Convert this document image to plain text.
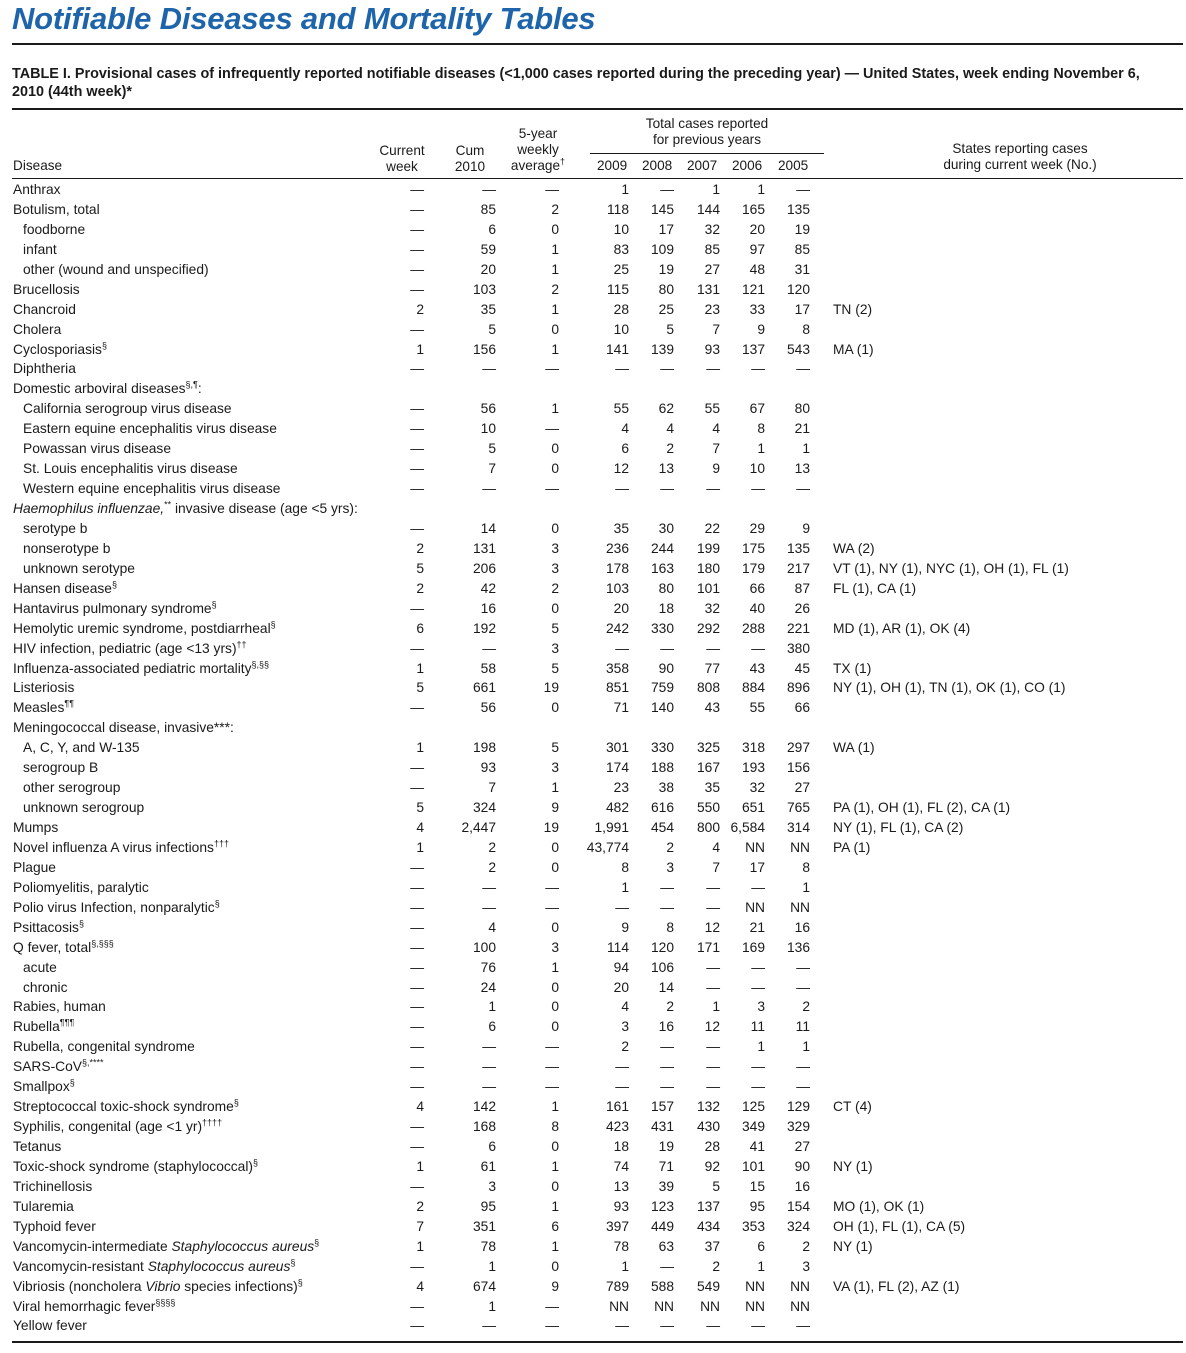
Notifiable Diseases and Mortality Tables

TABLE I. Provisional cases of infrequently reported notifiable diseases (<1,000 cases reported during the preceding year) — United States, week ending November 6, 2010 (44th week)*

Disease
Current
week
Cum
2010
5-year
weekly
average†
Total cases reported
for previous years
2009 2008 2007 2006 2005
States reporting cases
during current week (No.)
Anthrax	—	—	—	1 —	1	1 —
Botulism, total	—	85	2	118 145 144 165 135
foodborne	—	6	0	10 17 32 20 19
infant	—	59	1	83 109 85 97 85
other (wound and unspecified)	—	20	1	25 19 27 48 31
Brucellosis	—	103	2	115 80 131 121 120
Chancroid	2	35	1	28 25 23 33 17 TN (2)
Cholera	—	5	0	10	5	7	9	8
Cyclosporiasis§	1	156	1	141 139 93 137 543 MA (1)
Diphtheria	—	—	—	— — — — —
Domestic arboviral diseases§,¶:
California serogroup virus disease	—	56	1	55 62 55 67 80
Eastern equine encephalitis virus disease	—	10	—	4	4	4	8 21
Powassan virus disease	—	5	0	6	2	7	1	1
St. Louis encephalitis virus disease	—	7	0	12 13	9 10 13
Western equine encephalitis virus disease	—	—	—	— — — — —
Haemophilus influenzae,** invasive disease (age <5 yrs):
serotype b	—	14	0	35 30 22 29	9
nonserotype b	2	131	3	236 244 199 175 135 WA (2)
unknown serotype	5	206	3	178 163 180 179 217 VT (1), NY (1), NYC (1), OH (1), FL (1)
Hansen disease§	2	42	2	103 80 101 66 87 FL (1), CA (1)
Hantavirus pulmonary syndrome§	—	16	0	20 18 32 40 26
Hemolytic uremic syndrome, postdiarrheal§	6	192	5	242 330 292 288 221 MD (1), AR (1), OK (4)
HIV infection, pediatric (age <13 yrs)††	—	—	3	— — — — 380
Influenza-associated pediatric mortality§,§§	1	58	5	358 90 77 43 45 TX (1)
Listeriosis	5	661	19	851 759 808 884 896 NY (1), OH (1), TN (1), OK (1), CO (1)
Measles¶¶	—	56	0	71 140 43 55 66
Meningococcal disease, invasive***:
A, C, Y, and W-135	1	198	5	301 330 325 318 297 WA (1)
serogroup B	—	93	3	174 188 167 193 156
other serogroup	—	7	1	23 38 35 32 27
unknown serogroup	5	324	9	482 616 550 651 765 PA (1), OH (1), FL (2), CA (1)
Mumps	4	2,447	19	1,991 454 800 6,584 314 NY (1), FL (1), CA (2)
Novel influenza A virus infections†††	1	2	0 43,774	2	4 NN NN PA (1)
Plague	—	2	0	8	3	7 17	8
Poliomyelitis, paralytic	—	—	—	1 — — —	1
Polio virus Infection, nonparalytic§	—	—	—	— — — NN NN
Psittacosis§	—	4	0	9	8 12 21 16
Q fever, total§,§§§	—	100	3	114 120 171 169 136
acute	—	76	1	94 106 — — —
chronic	—	24	0	20 14 — — —
Rabies, human	—	1	0	4	2	1	3	2
Rubella¶¶¶	—	6	0	3 16 12 11 11
Rubella, congenital syndrome	—	—	—	2 — —	1	1
SARS-CoV§,****	—	—	—	— — — — —
Smallpox§	—	—	—	— — — — —
Streptococcal toxic-shock syndrome§	4	142	1	161 157 132 125 129 CT (4)
Syphilis, congenital (age <1 yr)††††	—	168	8	423 431 430 349 329
Tetanus	—	6	0	18 19 28 41 27
Toxic-shock syndrome (staphylococcal)§	1	61	1	74 71 92 101 90 NY (1)
Trichinellosis	—	3	0	13 39	5 15 16
Tularemia	2	95	1	93 123 137 95 154 MO (1), OK (1)
Typhoid fever	7	351	6	397 449 434 353 324 OH (1), FL (1), CA (5)
Vancomycin-intermediate Staphylococcus aureus§	1	78	1	78 63 37	6	2 NY (1)
Vancomycin-resistant Staphylococcus aureus§	—	1	0	1 —	2	1	3
Vibriosis (noncholera Vibrio species infections)§	4	674	9	789 588 549 NN NN VA (1), FL (2), AZ (1)
Viral hemorrhagic fever§§§§	—	1	—	NN NN NN NN NN
Yellow fever	—	—	—	— — — — —
